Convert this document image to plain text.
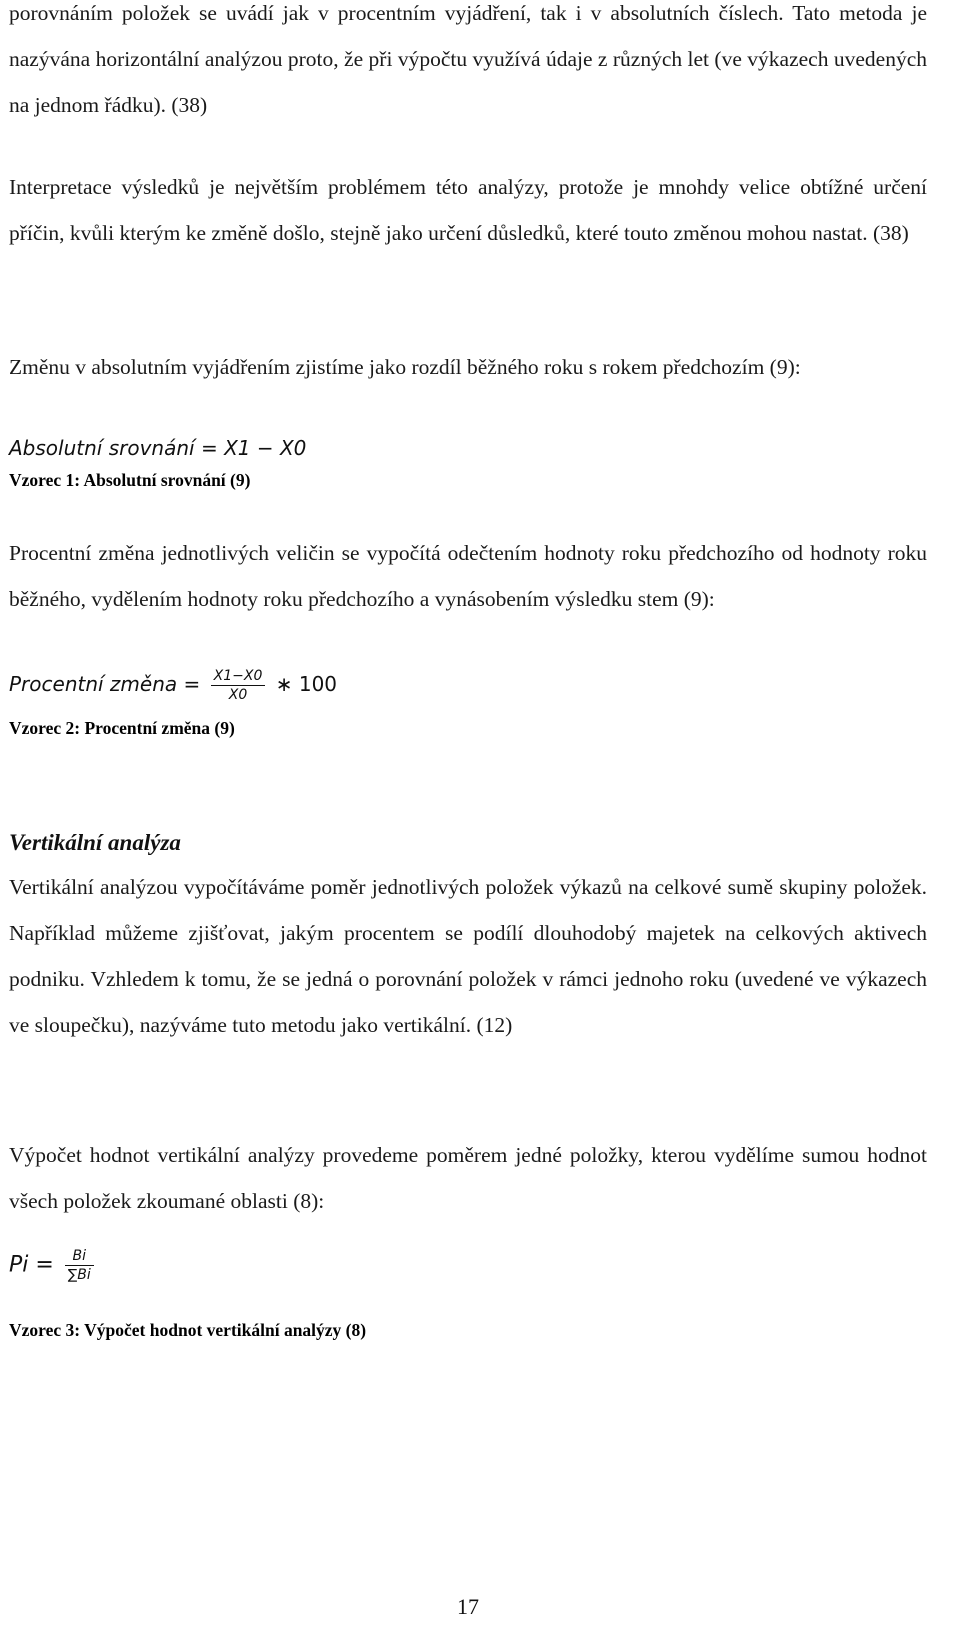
porovnáním položek se uvádí jak v procentním vyjádření, tak i v absolutních číslech. Tato metoda je nazývána horizontální analýzou proto, že při výpočtu využívá údaje z různých let (ve výkazech uvedených na jednom řádku). (38)

Interpretace výsledků je největším problémem této analýzy, protože je mnohdy velice obtížné určení příčin, kvůli kterým ke změně došlo, stejně jako určení důsledků, které touto změnou mohou nastat. (38)

Změnu v absolutním vyjádřením zjistíme jako rozdíl běžného roku s rokem předchozím (9):

Absolutní srovnání = X1 − X0

Vzorec 1: Absolutní srovnání (9)

Procentní změna jednotlivých veličin se vypočítá odečtením hodnoty roku předchozího od hodnoty roku běžného, vydělením hodnoty roku předchozího a vynásobením výsledku stem (9):

Procentní změna = $\frac{X1-X0}{X0}$ ∗ 100

Vzorec 2: Procentní změna (9)

Vertikální analýza

Vertikální analýzou vypočítáváme poměr jednotlivých položek výkazů na celkové sumě skupiny položek. Například můžeme zjišťovat, jakým procentem se podílí dlouhodobý majetek na celkových aktivech podniku. Vzhledem k tomu, že se jedná o porovnání položek v rámci jednoho roku (uvedené ve výkazech ve sloupečku), nazýváme tuto metodu jako vertikální. (12)

Výpočet hodnot vertikální analýzy provedeme poměrem jedné položky, kterou vydělíme sumou hodnot všech položek zkoumané oblasti (8):

$Pi = \frac{Bi}{\sum Bi}$

Vzorec 3: Výpočet hodnot vertikální analýzy (8)

17
